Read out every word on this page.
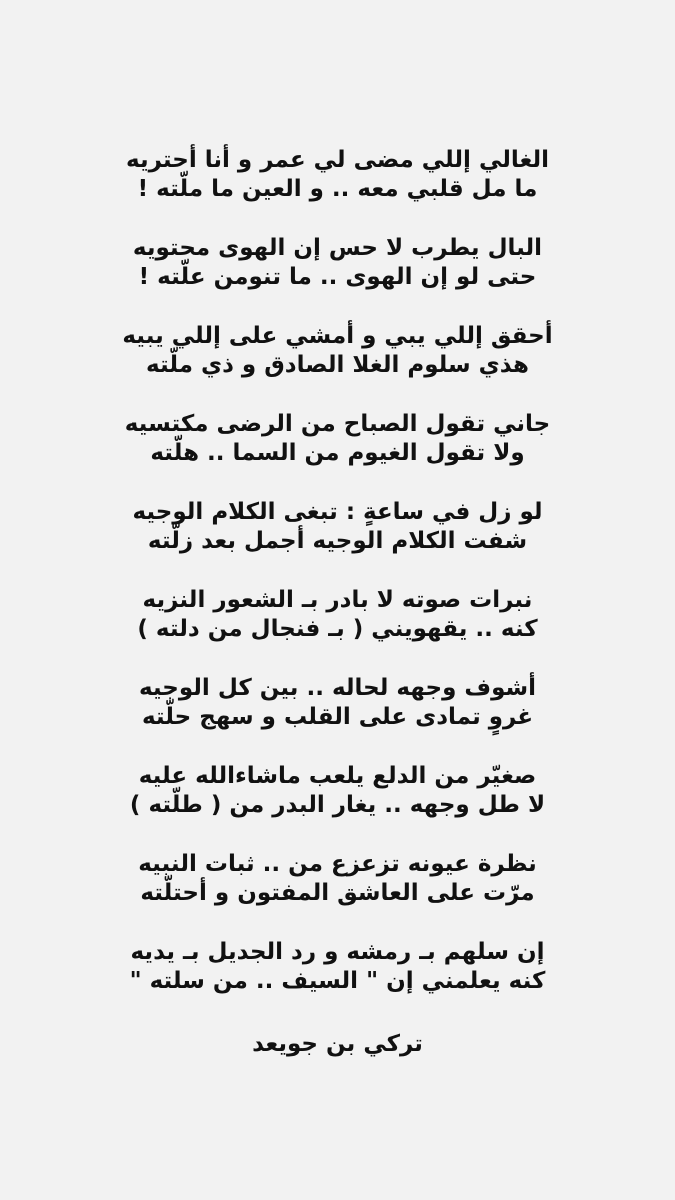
الغالي إللي مضى لي عمر و أنا أحتريه
ما مل قلبي معه .. و العين ما ملّته !
البال يطرب لا حس إن الهوى محتويه
حتى لو إن الهوى .. ما تنومن علّته !
أحقق إللي يبي و أمشي على إللي يبيه
هذي سلوم الغلا الصادق و ذي ملّته
جاني تقول الصباح من الرضى مكتسيه
ولا تقول الغيوم من السما .. هلّته
لو زل في ساعةٍ : تبغى الكلام الوجيه
شفت الكلام الوجيه أجمل بعد زلّته
نبرات صوته لا بادر بـ الشعور النزيه
كنه .. يقهويني ( بـ فنجال من دلته )
أشوف وجهه لحاله .. بين كل الوجيه
غروٍ تمادى على القلب و سهج حلّته
صغيّر من الدلع يلعب ماشاءالله عليه
لا طل وجهه .. يغار البدر من ( طلّته )
نظرة عيونه تزعزع من .. ثبات النبيه
مرّت على العاشق المفتون و أحتلّته
إن سلهم بـ رمشه و رد الجديل بـ يديه
كنه يعلمني إن " السيف .. من سلته "
تركي بن جويعد
